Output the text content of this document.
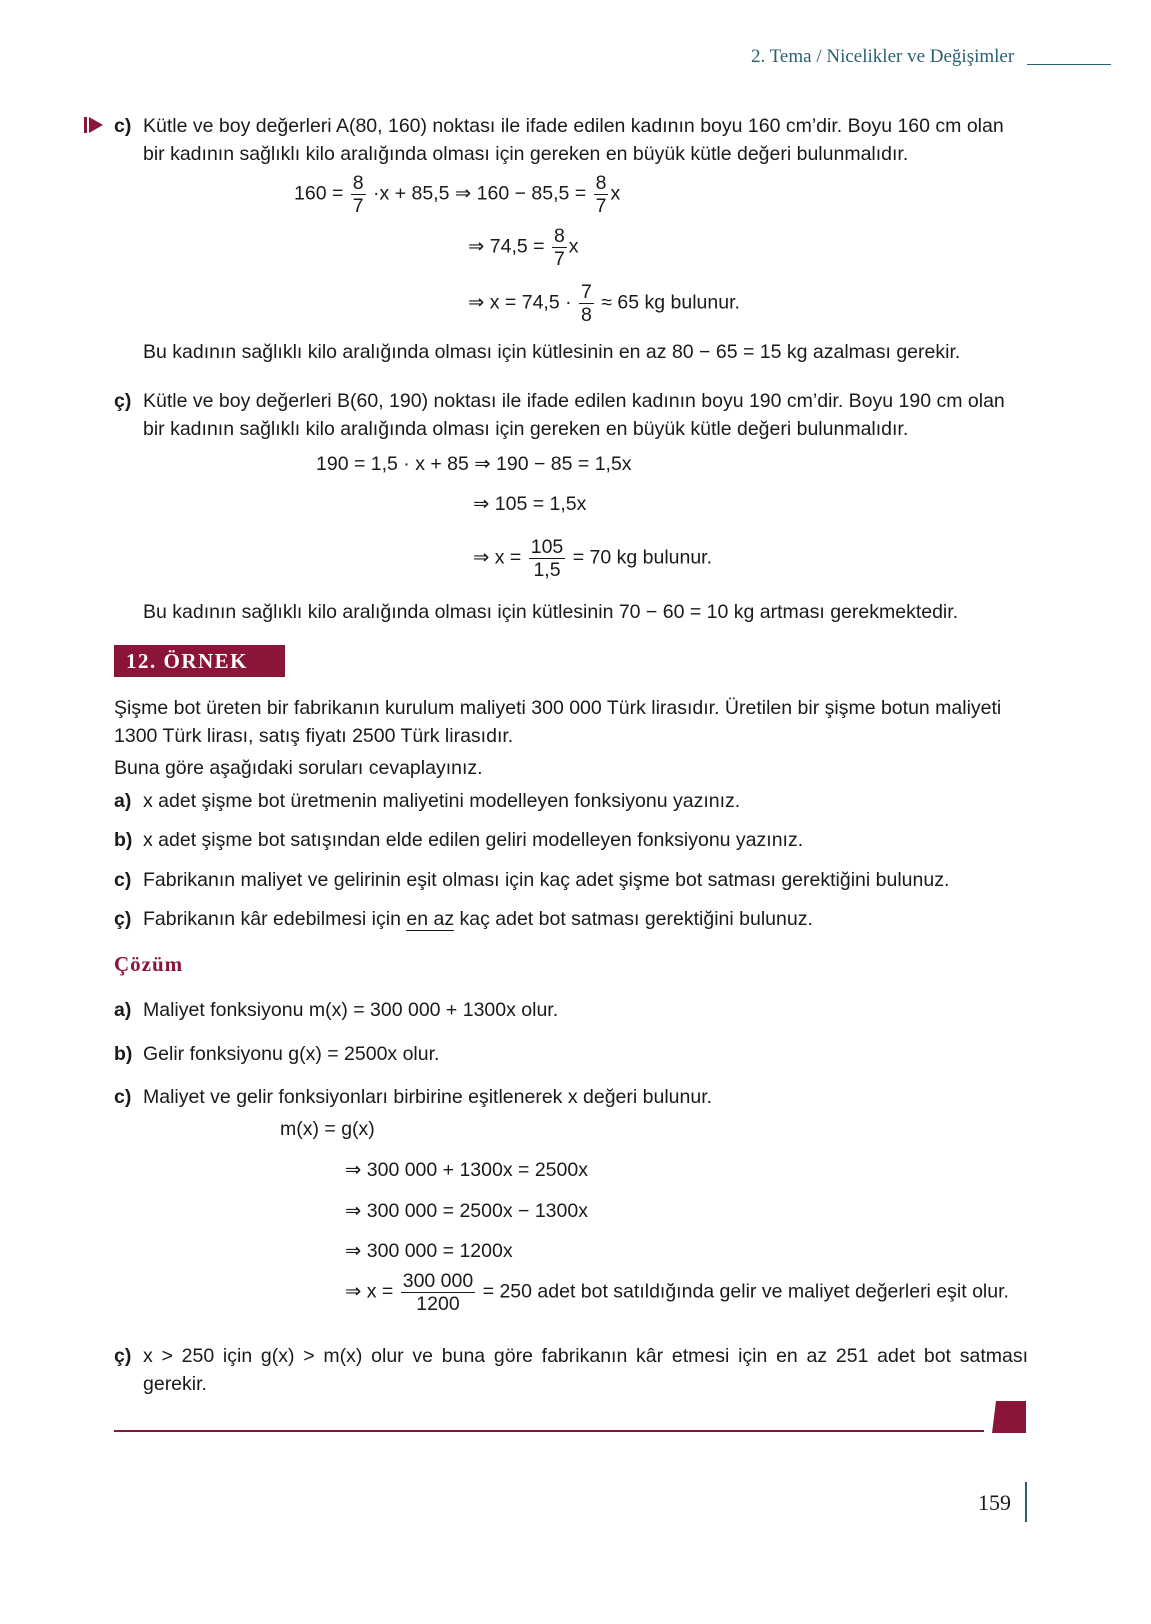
2. Tema / Nicelikler ve Değişimler
c) Kütle ve boy değerleri A(80, 160) noktası ile ifade edilen kadının boyu 160 cm’dir. Boyu 160 cm olan bir kadının sağlıklı kilo aralığında olması için gereken en büyük kütle değeri bulunmalıdır.
$160 = \frac{8}{7} \cdot x + 85,5$ ⇒ $160 - 85,5 = \frac{8}{7}$ x
⇒ $74,5 = \frac{8}{7}$ x
⇒ $x = 74,5 \cdot \frac{7}{8} \approx 65$ kg bulunur.
Bu kadının sağlıklı kilo aralığında olması için kütlesinin en az 80 − 65 = 15 kg azalması gerekir.
ç) Kütle ve boy değerleri B(60, 190) noktası ile ifade edilen kadının boyu 190 cm’dir. Boyu 190 cm olan bir kadının sağlıklı kilo aralığında olması için gereken en büyük kütle değeri bulunmalıdır.
190 = 1,5 · x + 85 ⇒ 190 − 85 = 1,5x
⇒ 105 = 1,5x
⇒ $x = \frac{105}{1,5} = 70$ kg bulunur.
Bu kadının sağlıklı kilo aralığında olması için kütlesinin 70 − 60 = 10 kg artması gerekmektedir.
12. ÖRNEK
Şişme bot üreten bir fabrikanın kurulum maliyeti 300 000 Türk lirasıdır. Üretilen bir şişme botun maliyeti 1300 Türk lirası, satış fiyatı 2500 Türk lirasıdır.
Buna göre aşağıdaki soruları cevaplayınız.
a) x adet şişme bot üretmenin maliyetini modelleyen fonksiyonu yazınız.
b) x adet şişme bot satışından elde edilen geliri modelleyen fonksiyonu yazınız.
c) Fabrikanın maliyet ve gelirinin eşit olması için kaç adet şişme bot satması gerektiğini bulunuz.
ç) Fabrikanın kâr edebilmesi için en az kaç adet bot satması gerektiğini bulunuz.
Çözüm
a) Maliyet fonksiyonu m(x) = 300 000 + 1300x olur.
b) Gelir fonksiyonu g(x) = 2500x olur.
c) Maliyet ve gelir fonksiyonları birbirine eşitlenerek x değeri bulunur.
m(x) = g(x)
⇒ 300 000 + 1300x = 2500x
⇒ 300 000 = 2500x − 1300x
⇒ 300 000 = 1200x
⇒ $x = \frac{300 000}{1200} = 250$ adet bot satıldığında gelir ve maliyet değerleri eşit olur.
ç) x > 250 için g(x) > m(x) olur ve buna göre fabrikanın kâr etmesi için en az 251 adet bot satması gerekir.
159
